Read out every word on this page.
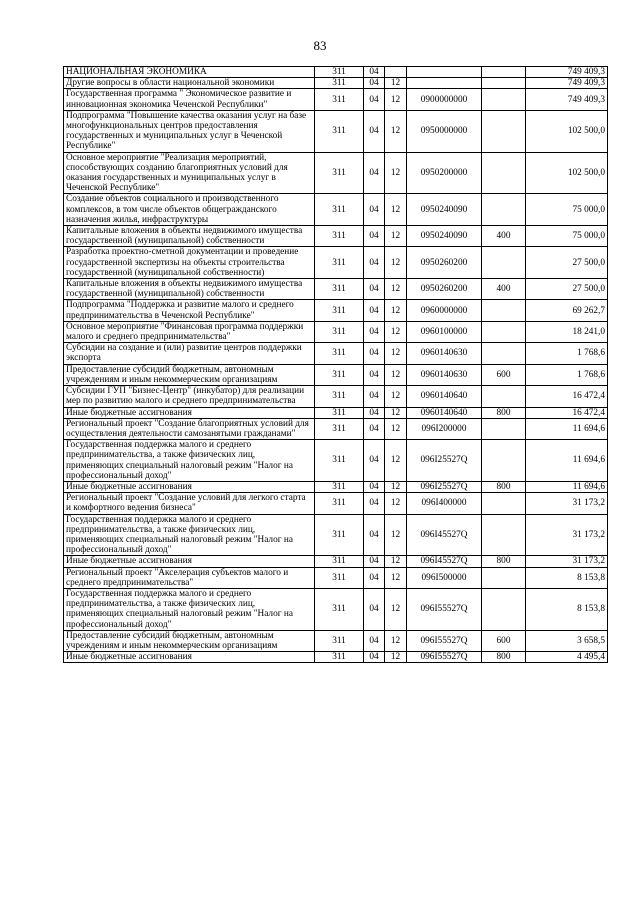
83
НАЦИОНАЛЬНАЯ ЭКОНОМИКА	311	04				749 409,3
Другие вопросы в области национальной экономики	311	04	12			749 409,3
Государственная программа " Экономическое развитие и инновационная экономика Чеченской Республики"	311	04	12	0900000000		749 409,3
Подпрограмма "Повышение качества оказания услуг на базе многофункциональных центров предоставления государственных и муниципальных услуг в Чеченской Республике"	311	04	12	0950000000		102 500,0
Основное мероприятие "Реализация мероприятий, способствующих созданию благоприятных условий для оказания государственных и муниципальных услуг в Чеченской Республике"	311	04	12	0950200000		102 500,0
Создание объектов социального и производственного комплексов, в том числе объектов общегражданского назначения жилья, инфраструктуры	311	04	12	0950240090		75 000,0
Капитальные вложения в объекты недвижимого имущества государственной (муниципальной) собственности	311	04	12	0950240090	400	75 000,0
Разработка проектно-сметной документации и проведение государственной экспертизы на объекты строительства государственной (муниципальной собственности)	311	04	12	0950260200		27 500,0
Капитальные вложения в объекты недвижимого имущества государственной (муниципальной) собственности	311	04	12	0950260200	400	27 500,0
Подпрограмма "Поддержка и развитие малого и среднего предпринимательства в Чеченской Республике"	311	04	12	0960000000		69 262,7
Основное мероприятие "Финансовая программа поддержки малого и среднего предпринимательства"	311	04	12	0960100000		18 241,0
Субсидии на создание и (или) развитие центров поддержки экспорта	311	04	12	0960140630		1 768,6
Предоставление субсидий бюджетным, автономным учреждениям и иным некоммерческим организациям	311	04	12	0960140630	600	1 768,6
Субсидии ГУП "Бизнес-Центр" (инкубатор) для реализации мер по развитию малого и среднего предпринимательства	311	04	12	0960140640		16 472,4
Иные бюджетные ассигнования	311	04	12	0960140640	800	16 472,4
Региональный проект "Создание благоприятных условий для осуществления деятельности самозанятыми гражданами"	311	04	12	096I200000		11 694,6
Государственная поддержка малого и среднего предпринимательства, а также физических лиц, применяющих специальный налоговый режим "Налог на профессиональный доход"	311	04	12	096I25527Q		11 694,6
Иные бюджетные ассигнования	311	04	12	096I25527Q	800	11 694,6
Региональный проект "Создание условий для легкого старта и комфортного ведения бизнеса"	311	04	12	096I400000		31 173,2
Государственная поддержка малого и среднего предпринимательства, а также физических лиц, применяющих специальный налоговый режим "Налог на профессиональный доход"	311	04	12	096I45527Q		31 173,2
Иные бюджетные ассигнования	311	04	12	096I45527Q	800	31 173,2
Региональный проект "Акселерация субъектов малого и среднего предпринимательства"	311	04	12	096I500000		8 153,8
Государственная поддержка малого и среднего предпринимательства, а также физических лиц, применяющих специальный налоговый режим "Налог на профессиональный доход"	311	04	12	096I55527Q		8 153,8
Предоставление субсидий бюджетным, автономным учреждениям и иным некоммерческим организациям	311	04	12	096I55527Q	600	3 658,5
Иные бюджетные ассигнования	311	04	12	096I55527Q	800	4 495,4
